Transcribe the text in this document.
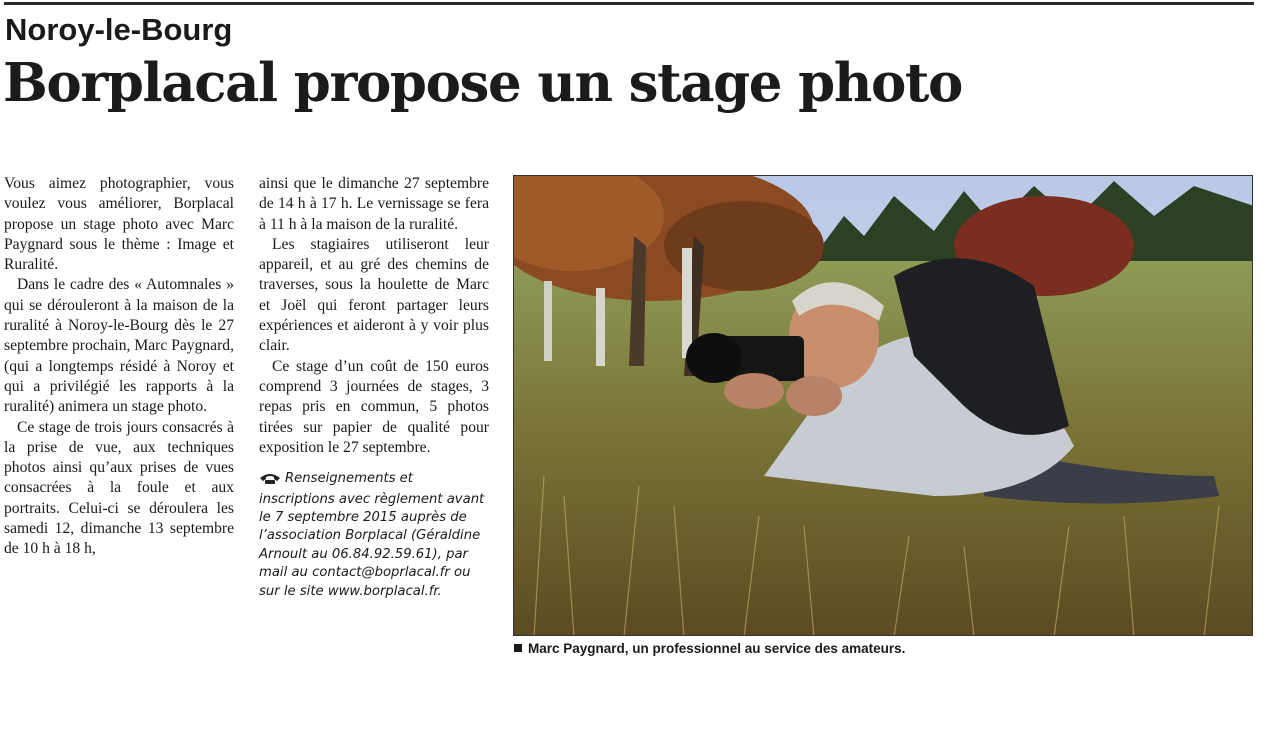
Noroy-le-Bourg
Borplacal propose un stage photo

Vous aimez photographier, vous voulez vous améliorer, Borplacal propose un stage photo avec Marc Paygnard sous le thème : Image et Ruralité.

Dans le cadre des « Automnales » qui se dérouleront à la maison de la ruralité à Noroy-le-Bourg dès le 27 septembre prochain, Marc Paygnard, (qui a longtemps résidé à Noroy et qui a privilégié les rapports à la ruralité) animera un stage photo.

Ce stage de trois jours consacrés à la prise de vue, aux techniques photos ainsi qu’aux prises de vues consacrées à la foule et aux portraits. Celui-ci se déroulera les samedi 12, dimanche 13 septembre de 10 h à 18 h,

ainsi que le dimanche 27 septembre de 14 h à 17 h. Le vernissage se fera à 11 h à la maison de la ruralité.

Les stagiaires utiliseront leur appareil, et au gré des chemins de traverses, sous la houlette de Marc et Joël qui feront partager leurs expériences et aideront à y voir plus clair.

Ce stage d’un coût de 150 euros comprend 3 journées de stages, 3 repas pris en commun, 5 photos tirées sur papier de qualité pour exposition le 27 septembre.

Renseignements et inscriptions avec règlement avant le 7 septembre 2015 auprès de l’association Borplacal (Géraldine Arnoult au 06.84.92.59.61), par mail au contact@boprlacal.fr ou sur le site www.borplacal.fr.
Marc Paygnard, un professionnel au service des amateurs.
